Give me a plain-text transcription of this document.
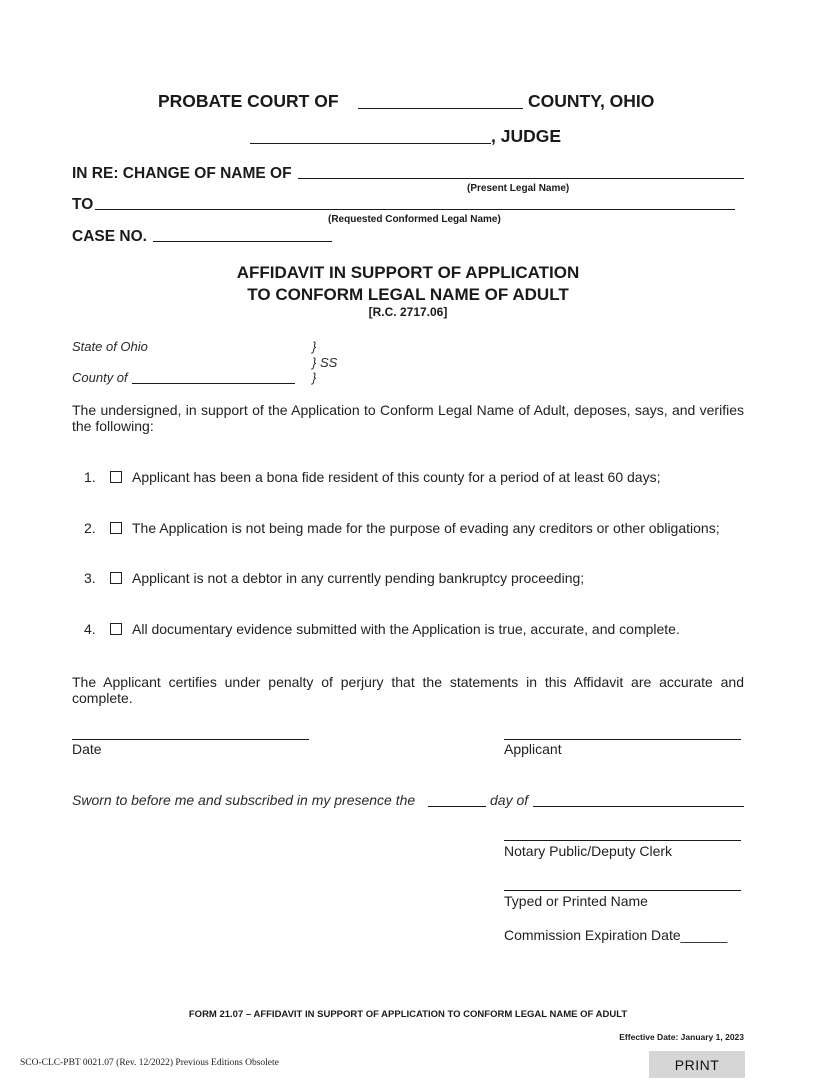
PROBATE COURT OF	COUNTY, OHIO
, JUDGE
IN RE: CHANGE OF NAME OF
(Present Legal Name)
TO
(Requested Conformed Legal Name)
CASE NO.
AFFIDAVIT IN SUPPORT OF APPLICATION
TO CONFORM LEGAL NAME OF ADULT
[R.C. 2717.06]
State of Ohio
County of
}
} SS
}
The undersigned, in support of the Application to Conform Legal Name of Adult, deposes, says, and verifies the following:
1.	Applicant has been a bona fide resident of this county for a period of at least 60 days;
2.	The Application is not being made for the purpose of evading any creditors or other obligations;
3.	Applicant is not a debtor in any currently pending bankruptcy proceeding;
4.	All documentary evidence submitted with the Application is true, accurate, and complete.
The Applicant certifies under penalty of perjury that the statements in this Affidavit are accurate and complete.
Date	Applicant
Sworn to before me and subscribed in my presence the	day of
Notary Public/Deputy Clerk
Typed or Printed Name
Commission Expiration Date______
FORM 21.07 – AFFIDAVIT IN SUPPORT OF APPLICATION TO CONFORM LEGAL NAME OF ADULT
Effective Date: January 1, 2023
SCO-CLC-PBT 0021.07 (Rev. 12/2022) Previous Editions Obsolete	PRINT
